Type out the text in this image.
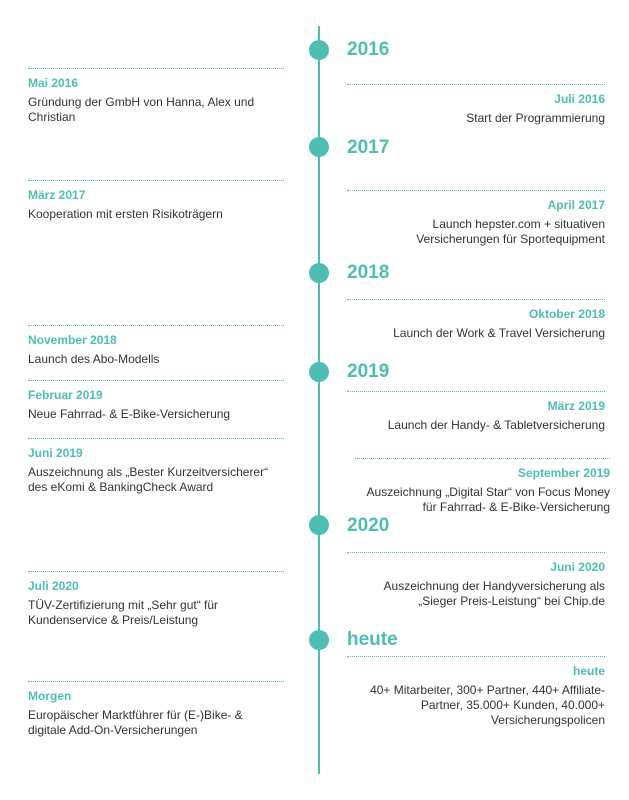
2016
2017
2018
2019
2020
heute
Mai 2016
Gründung der GmbH von Hanna, Alex und Christian
Juli 2016
Start der Programmierung
März 2017
Kooperation mit ersten Risikoträgern
April 2017
Launch hepster.com + situativen Versicherungen für Sportequipment
Oktober 2018
Launch der Work & Travel Versicherung
November 2018
Launch des Abo-Modells
Februar 2019
Neue Fahrrad- & E-Bike-Versicherung
März 2019
Launch der Handy- & Tabletversicherung
Juni 2019
Auszeichnung als „Bester Kurzeitversicherer“ des eKomi & BankingCheck Award
September 2019
Auszeichnung „Digital Star“ von Focus Money für Fahrrad- & E-Bike-Versicherung
Juni 2020
Auszeichnung der Handyversicherung als „Sieger Preis-Leistung“ bei Chip.de
Juli 2020
TÜV-Zertifizierung mit „Sehr gut“ für Kundenservice & Preis/Leistung
heute
40+ Mitarbeiter, 300+ Partner, 440+ Affiliate-Partner, 35.000+ Kunden, 40.000+ Versicherungspolicen
Morgen
Europäischer Marktführer für (E-)Bike- & digitale Add-On-Versicherungen
